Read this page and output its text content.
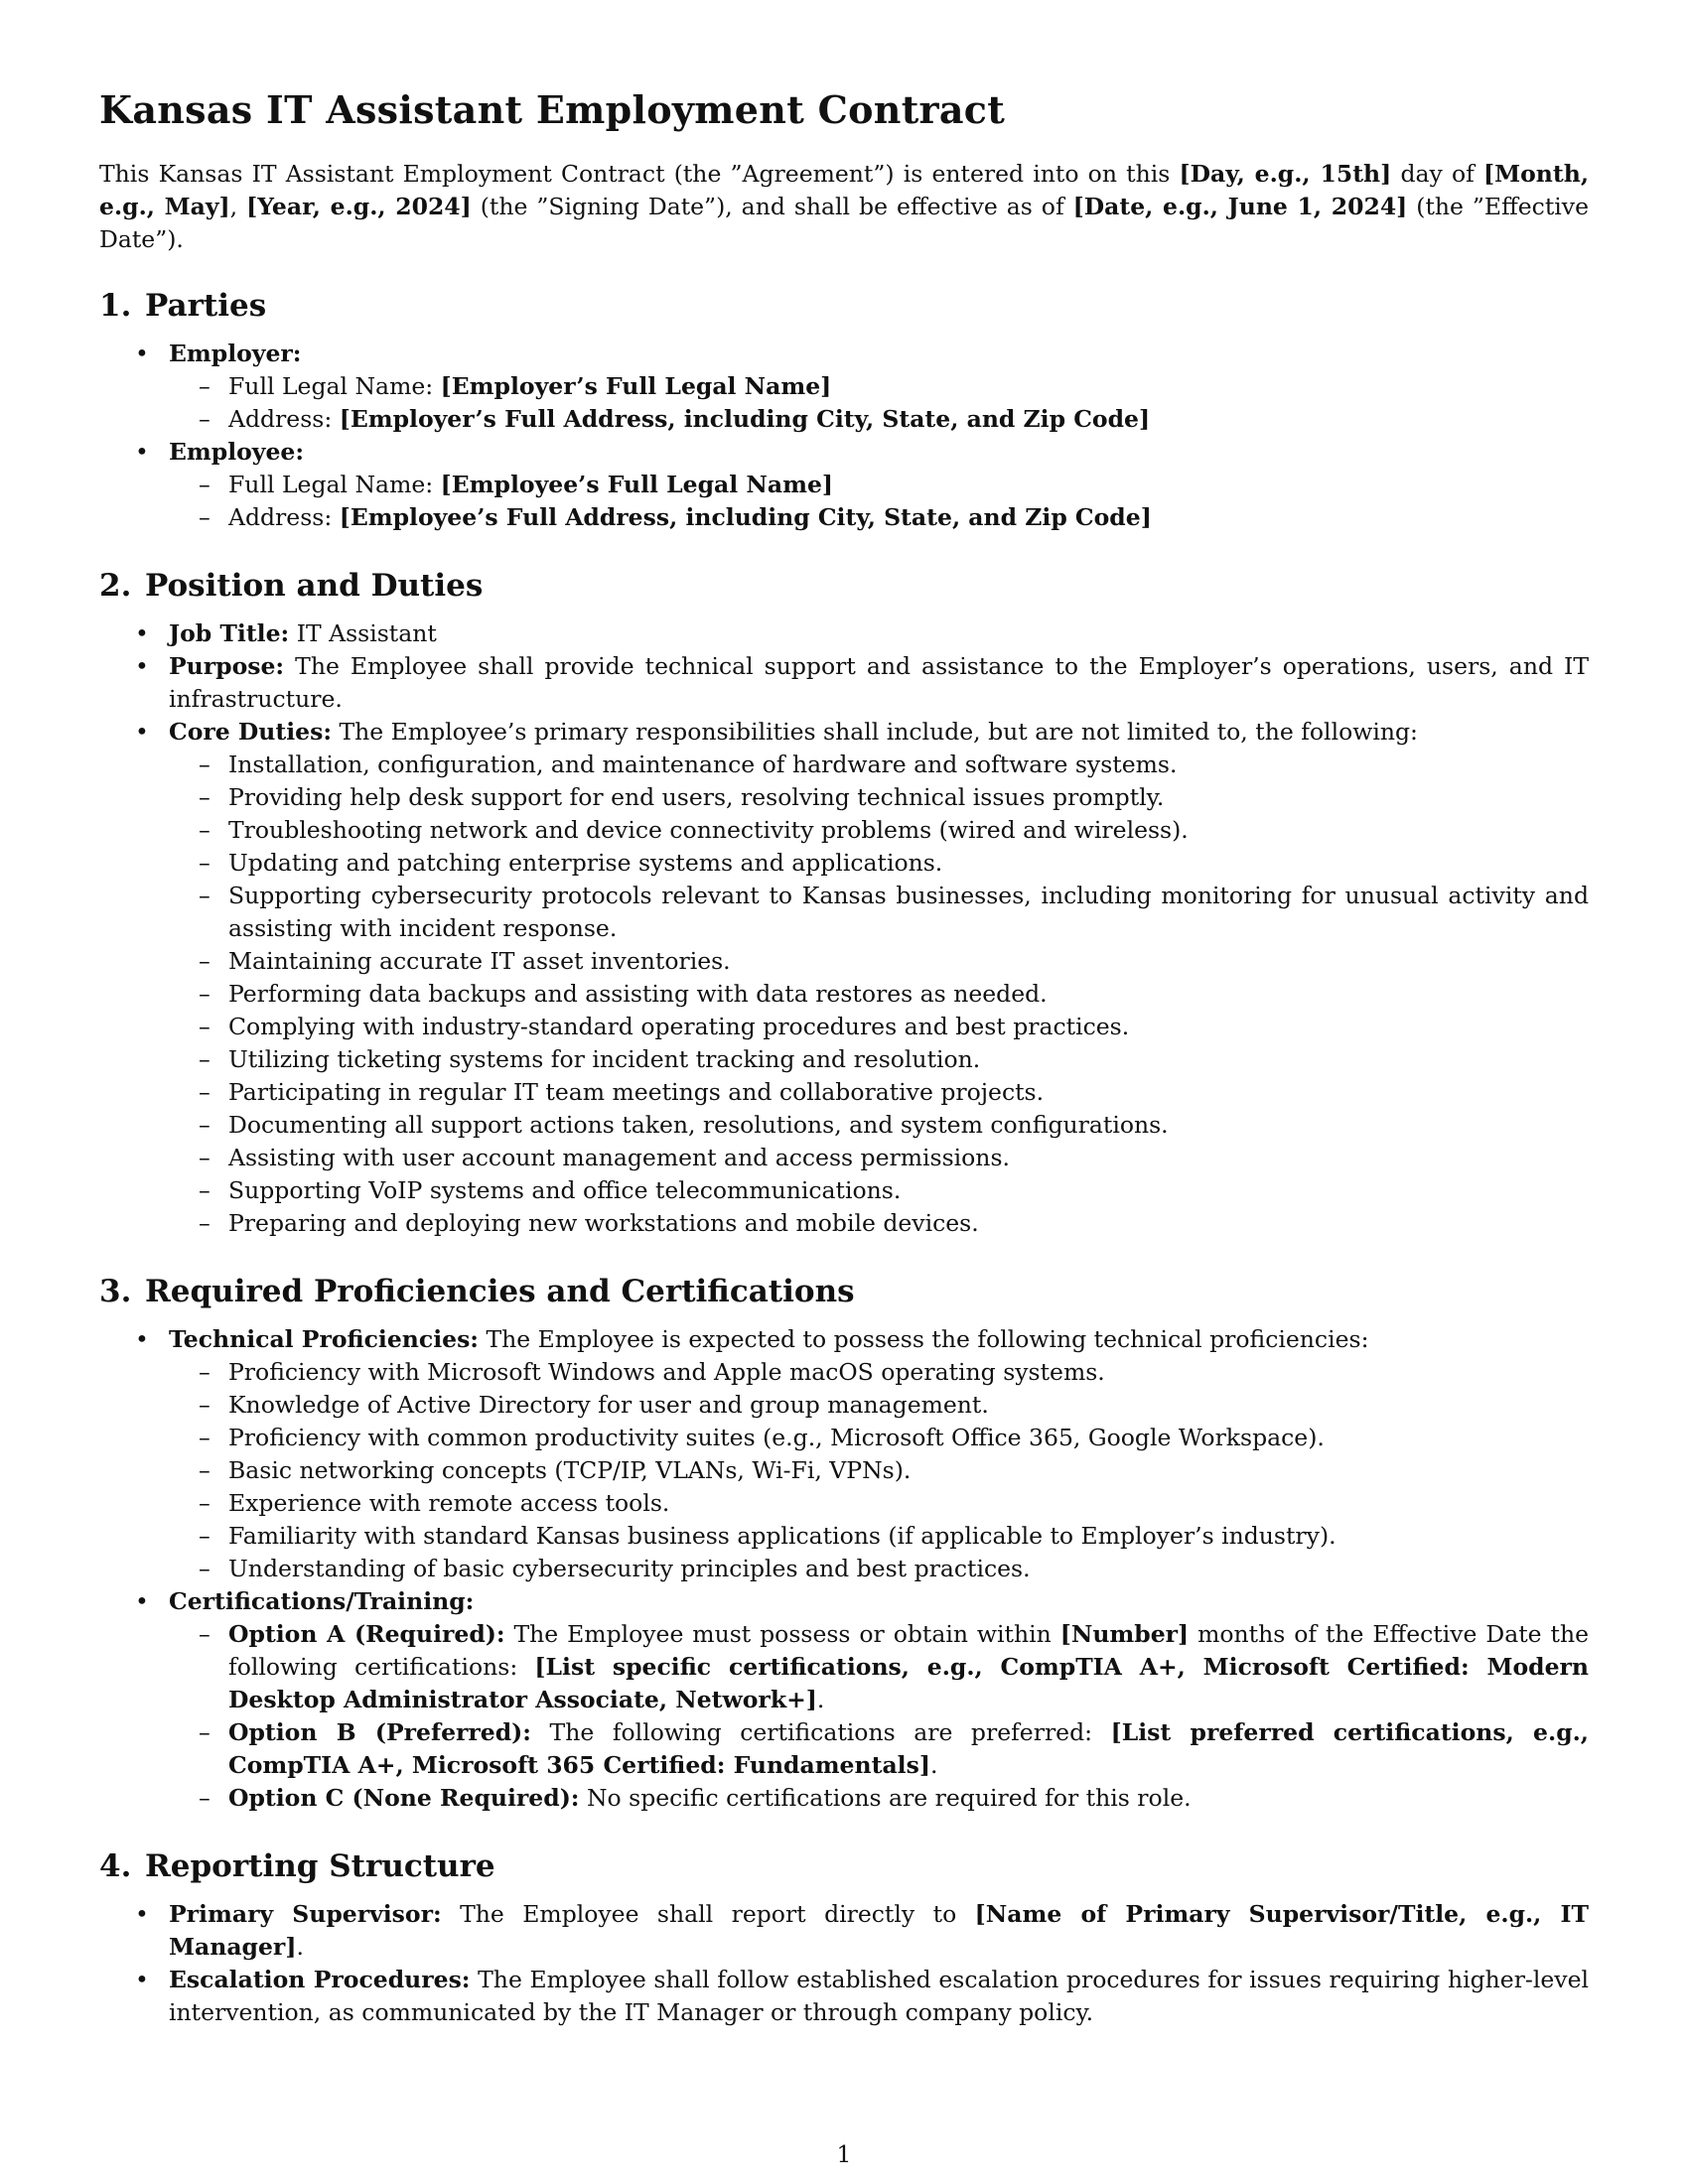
Kansas IT Assistant Employment Contract

This Kansas IT Assistant Employment Contract (the ”Agreement”) is entered into on this [Day, e.g., 15th] day of [Month, e.g., May], [Year, e.g., 2024] (the ”Signing Date”), and shall be effective as of [Date, e.g., June 1, 2024] (the ”Effective Date”).

1. Parties
• Employer:
– Full Legal Name: [Employer’s Full Legal Name]
– Address: [Employer’s Full Address, including City, State, and Zip Code]
• Employee:
– Full Legal Name: [Employee’s Full Legal Name]
– Address: [Employee’s Full Address, including City, State, and Zip Code]
2. Position and Duties
• Job Title: IT Assistant
• Purpose: The Employee shall provide technical support and assistance to the Employer’s operations, users, and IT infrastructure.
• Core Duties: The Employee’s primary responsibilities shall include, but are not limited to, the following:
– Installation, configuration, and maintenance of hardware and software systems.
– Providing help desk support for end users, resolving technical issues promptly.
– Troubleshooting network and device connectivity problems (wired and wireless).
– Updating and patching enterprise systems and applications.
– Supporting cybersecurity protocols relevant to Kansas businesses, including monitoring for unusual activity and assisting with incident response.
– Maintaining accurate IT asset inventories.
– Performing data backups and assisting with data restores as needed.
– Complying with industry-standard operating procedures and best practices.
– Utilizing ticketing systems for incident tracking and resolution.
– Participating in regular IT team meetings and collaborative projects.
– Documenting all support actions taken, resolutions, and system configurations.
– Assisting with user account management and access permissions.
– Supporting VoIP systems and office telecommunications.
– Preparing and deploying new workstations and mobile devices.
3. Required Proficiencies and Certifications
• Technical Proficiencies: The Employee is expected to possess the following technical proficiencies:
– Proficiency with Microsoft Windows and Apple macOS operating systems.
– Knowledge of Active Directory for user and group management.
– Proficiency with common productivity suites (e.g., Microsoft Office 365, Google Workspace).
– Basic networking concepts (TCP/IP, VLANs, Wi-Fi, VPNs).
– Experience with remote access tools.
– Familiarity with standard Kansas business applications (if applicable to Employer’s industry).
– Understanding of basic cybersecurity principles and best practices.
• Certifications/Training:
– Option A (Required): The Employee must possess or obtain within [Number] months of the Effective Date the following certifications: [List specific certifications, e.g., CompTIA A+, Microsoft Certified: Modern Desktop Administrator Associate, Network+].
– Option B (Preferred): The following certifications are preferred: [List preferred certifications, e.g., CompTIA A+, Microsoft 365 Certified: Fundamentals].
– Option C (None Required): No specific certifications are required for this role.
4. Reporting Structure
• Primary Supervisor: The Employee shall report directly to [Name of Primary Supervisor/Title, e.g., IT Manager].
• Escalation Procedures: The Employee shall follow established escalation procedures for issues requiring higher-level intervention, as communicated by the IT Manager or through company policy.
1
